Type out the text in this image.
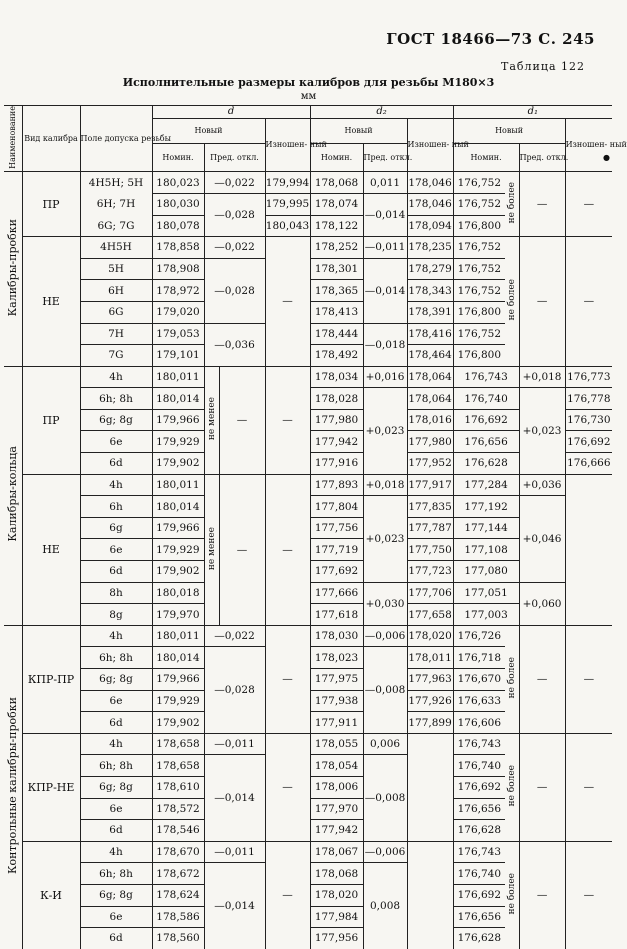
ГОСТ 18466—73 С. 245
Таблица 122
Исполнительные размеры калибров для резьбы М180×3
мм
●
Наименование	Вид калибра	Поле допуска резьбы	d				d₂			d₁			
			Новый			Изношен- ный	Новый		Изношен- ный	Новый			Изношен- ный
			Номин.	Пред. откл.			Номин.	Пред. откл.		Номин.		Пред. откл.	
Калибры-пробки	ПР	4H5H; 5H	180,023	—0,022		179,994	178,068	0,011	178,046	176,752	не более	—	—
		6H; 7H	180,030	—0,028		179,995	178,074	—0,014	178,046	176,752			
		6G; 7G	180,078			180,043	178,122		178,094	176,800			
	НЕ	4H5H	178,858	—0,022		—	178,252	—0,011	178,235	176,752	не более	—	—
		5H	178,908	—0,028			178,301	—0,014	178,279	176,752			
		6H	178,972				178,365		178,343	176,752			
		6G	179,020				178,413		178,391	176,800			
		7H	179,053	—0,036			178,444	—0,018	178,416	176,752			
		7G	179,101				178,492		178,464	176,800			
Калибры-кольца	ПР	4h	180,011	не менее	—	—	178,034	+0,016	178,064	176,743		+0,018	176,773
		6h; 8h	180,014				178,028	+0,023	178,064	176,740		+0,023	176,778
		6g; 8g	179,966				177,980		178,016	176,692			176,730
		6e	179,929				177,942		177,980	176,656			176,692
		6d	179,902				177,916		177,952	176,628			176,666
	НЕ	4h	180,011	не менее	—	—	177,893	+0,018	177,917	177,284		+0,036	
		6h	180,014				177,804	+0,023	177,835	177,192		+0,046	
		6g	179,966				177,756		177,787	177,144			
		6e	179,929				177,719		177,750	177,108			
		6d	179,902				177,692		177,723	177,080			
		8h	180,018				177,666	+0,030	177,706	177,051		+0,060	
		8g	179,970				177,618		177,658	177,003			
Контрольные калибры-пробки	КПР-ПР	4h	180,011	—0,022		—	178,030	—0,006	178,020	176,726	не более	—	—
		6h; 8h	180,014	—0,028			178,023	—0,008	178,011	176,718			
		6g; 8g	179,966				177,975		177,963	176,670			
		6e	179,929				177,938		177,926	176,633			
		6d	179,902				177,911		177,899	176,606			
	КПР-НЕ	4h	178,658	—0,011		—	178,055	0,006		176,743	не более	—	—
		6h; 8h	178,658	—0,014			178,054	—0,008		176,740			
		6g; 8g	178,610				178,006			176,692			
		6e	178,572				177,970			176,656			
		6d	178,546				177,942			176,628			
	К-И	4h	178,670	—0,011		—	178,067	—0,006		176,743	не более	—	—
		6h; 8h	178,672	—0,014			178,068	0,008		176,740			
		6g; 8g	178,624				178,020			176,692			
		6e	178,586				177,984			176,656			
		6d	178,560				177,956			176,628			
